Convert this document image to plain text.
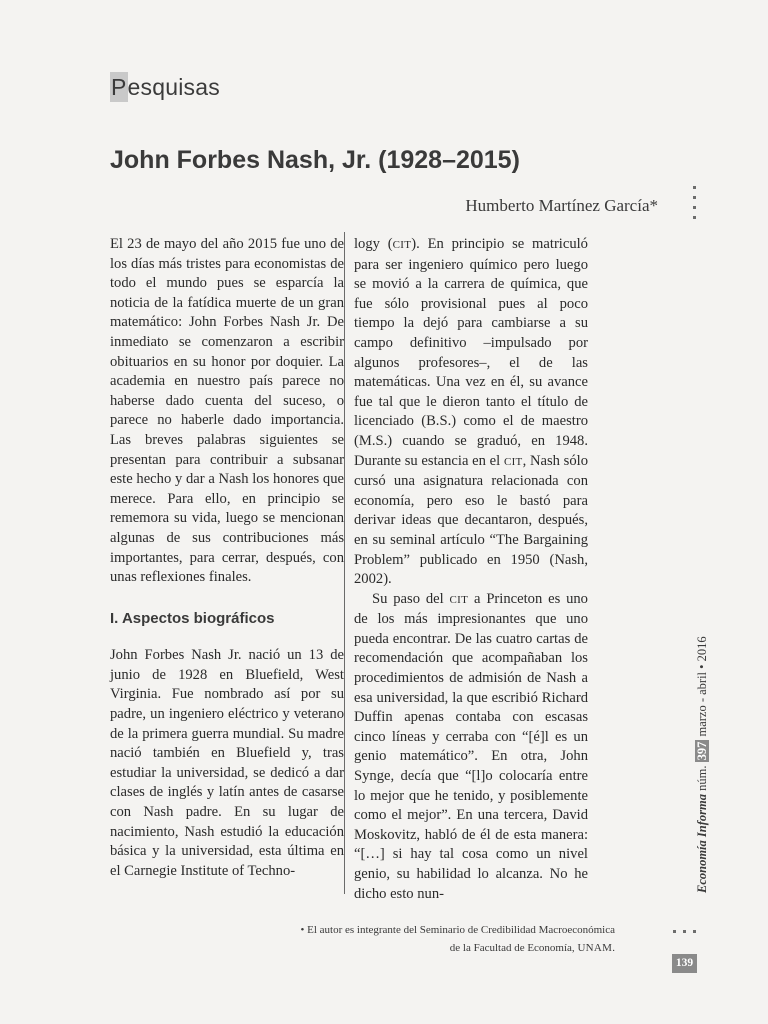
Pesquisas
John Forbes Nash, Jr. (1928–2015)
Humberto Martínez García*

El 23 de mayo del año 2015 fue uno de los días más tristes para economistas de todo el mundo pues se esparcía la noticia de la fatídica muerte de un gran matemático: John Forbes Nash Jr. De inmediato se comenzaron a escribir obituarios en su honor por doquier. La academia en nuestro país parece no haberse dado cuenta del suceso, o parece no haberle dado importancia. Las breves palabras siguientes se presentan para contribuir a subsanar este hecho y dar a Nash los honores que merece. Para ello, en principio se rememora su vida, luego se mencionan algunas de sus contribuciones más importantes, para cerrar, después, con unas reflexiones finales.

I. Aspectos biográficos

John Forbes Nash Jr. nació un 13 de junio de 1928 en Bluefield, West Virginia. Fue nombrado así por su padre, un ingeniero eléctrico y veterano de la primera guerra mundial. Su madre nació también en Bluefield y, tras estudiar la universidad, se dedicó a dar clases de inglés y latín antes de casarse con Nash padre. En su lugar de nacimiento, Nash estudió la educación básica y la universidad, esta última en el Carnegie Institute of Techno-

logy (CIT). En principio se matriculó para ser ingeniero químico pero luego se movió a la carrera de química, que fue sólo provisional pues al poco tiempo la dejó para cambiarse a su campo definitivo –impulsado por algunos profesores–, el de las matemáticas. Una vez en él, su avance fue tal que le dieron tanto el título de licenciado (B.S.) como el de maestro (M.S.) cuando se graduó, en 1948. Durante su estancia en el CIT, Nash sólo cursó una asignatura relacionada con economía, pero eso le bastó para derivar ideas que decantaron, después, en su seminal artículo “The Bargaining Problem” publicado en 1950 (Nash, 2002).

Su paso del CIT a Princeton es uno de los más impresionantes que uno pueda encontrar. De las cuatro cartas de recomendación que acompañaban los procedimientos de admisión de Nash a esa universidad, la que escribió Richard Duffin apenas contaba con escasas cinco líneas y cerraba con “[é]l es un genio matemático”. En otra, John Synge, decía que “[l]o colocaría entre lo mejor que he tenido, y posiblemente como el mejor”. En una tercera, David Moskovitz, habló de él de esta manera: “[…] si hay tal cosa como un nivel genio, su habilidad lo alcanza. No he dicho esto nun-

Economía Informa núm. 397 marzo - abril • 2016
• El autor es integrante del Seminario de Credibilidad Macroeconómica
de la Facultad de Economía, UNAM.
139
